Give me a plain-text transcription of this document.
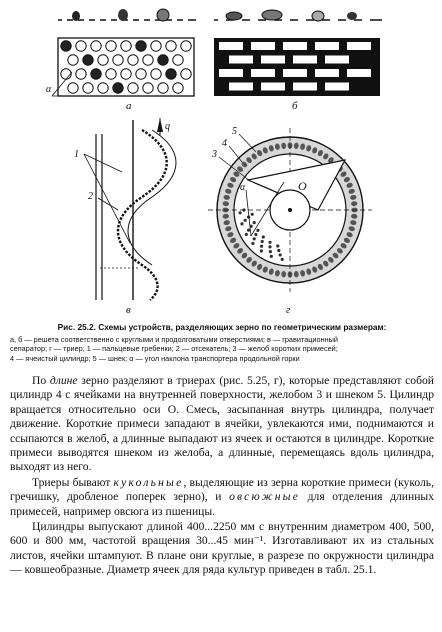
α
а	б
q
1
2
в
α	O
5
4
3
г

Рис. 25.2. Схемы устройств, разделяющих зерно по геометрическим размерам:

а, б — решета соответственно с круглыми и продолговатыми отверстиями; в — гравитационный
сепаратор; г — триер; 1 — пальцевые гребенки; 2 — отсекатель; 3 — желоб коротких примесей;
4 — ячеистый цилиндр; 5 — шнек; α — угол наклона транспортера продольной горки

По длине зерно разделяют в триерах (рис. 5.25, г), которые представляют собой цилиндр 4 с ячейками на внутренней поверхности, желобом 3 и шнеком 5. Цилиндр вращается относительно оси O. Смесь, засыпанная внутрь цилиндра, получает движение. Короткие примеси западают в ячейки, увлекаются ими, поднимаются и ссыпаются в желоб, а длинные выпадают из ячеек и остаются в цилиндре. Короткие примеси выводятся шнеком из желоба, а длинные, перемещаясь вдоль цилиндра, выходят из него.

Триеры бывают кукольные, выделяющие из зерна короткие примеси (куколь, гречишку, дробленое поперек зерно), и овсюжные для отделения длинных примесей, например овсюга из пшеницы.

Цилиндры выпускают длиной 400...2250 мм с внутренним диаметром 400, 500, 600 и 800 мм, частотой вращения 30...45 мин⁻¹. Изготавливают их из стальных листов, ячейки штампуют. В плане они круглые, в разрезе по окружности цилиндра — ковшеобразные. Диаметр ячеек для ряда культур приведен в табл. 25.1.
